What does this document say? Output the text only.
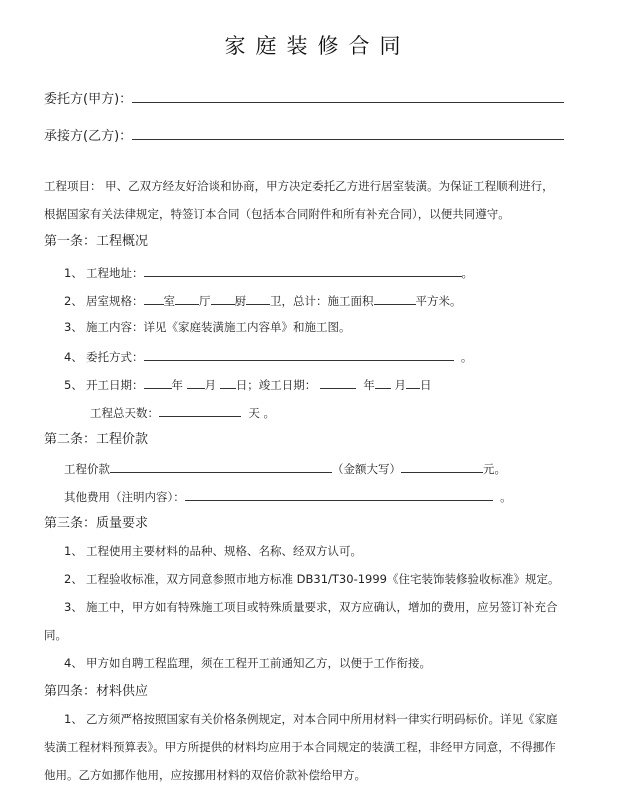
家庭装修合同
委托方(甲方)：
承接方(乙方)：
工程项目： 甲、乙双方经友好洽谈和协商，甲方决定委托乙方进行居室装潢。为保证工程顺利进行，
根据国家有关法律规定，特签订本合同（包括本合同附件和所有补充合同），以便共同遵守。
第一条：工程概况
1、 工程地址：	。
2、 居室规格： 室 厅 厨 卫，总计：施工面积	平方米。
3、 施工内容：详见《家庭装潢施工内容单》和施工图。
4、 委托方式：	。
5、 开工日期： 年 月 日；竣工日期：	年 月 日
工程总天数：	天 。
第二条：工程价款
工程价款	（金额大写）	元。
其他费用（注明内容）：	。
第三条：质量要求
1、 工程使用主要材料的品种、规格、名称、经双方认可。
2、 工程验收标准，双方同意参照市地方标准 DB31/T30-1999《住宅装饰装修验收标准》规定。
3、 施工中，甲方如有特殊施工项目或特殊质量要求，双方应确认，增加的费用，应另签订补充合
同。
4、 甲方如自聘工程监理，须在工程开工前通知乙方，以便于工作衔接。
第四条：材料供应
1、 乙方须严格按照国家有关价格条例规定，对本合同中所用材料一律实行明码标价。详见《家庭
装潢工程材料预算表》。甲方所提供的材料均应用于本合同规定的装潢工程，非经甲方同意，不得挪作
他用。乙方如挪作他用，应按挪用材料的双倍价款补偿给甲方。
